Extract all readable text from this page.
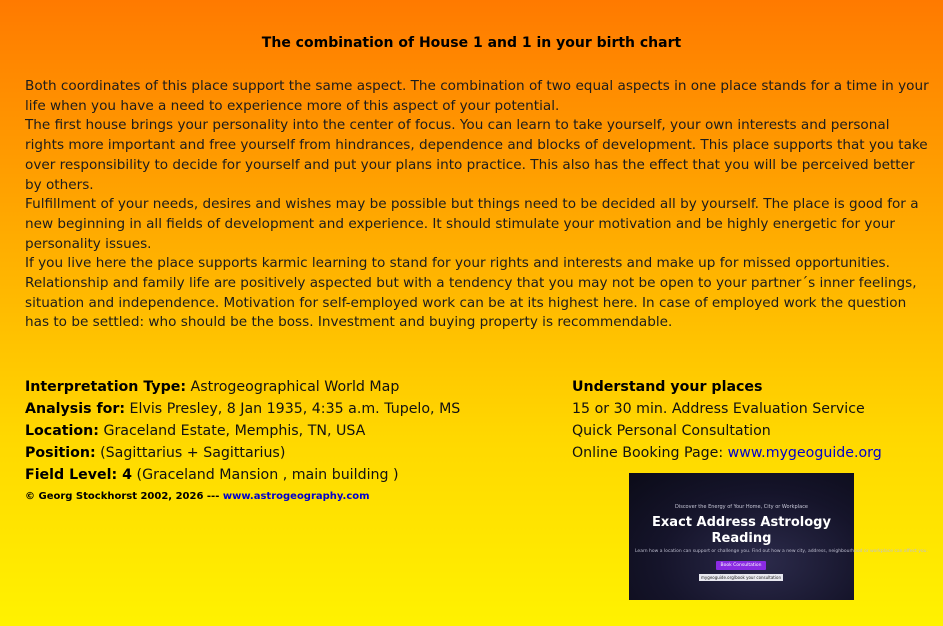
The combination of House 1 and 1 in your birth chart

Both coordinates of this place support the same aspect. The combination of two equal aspects in one place stands for a time in your life when you have a need to experience more of this aspect of your potential.

The first house brings your personality into the center of focus. You can learn to take yourself, your own interests and personal rights more important and free yourself from hindrances, dependence and blocks of development. This place supports that you take over responsibility to decide for yourself and put your plans into practice. This also has the effect that you will be perceived better by others.

Fulfillment of your needs, desires and wishes may be possible but things need to be decided all by yourself. The place is good for a new beginning in all fields of development and experience. It should stimulate your motivation and be highly energetic for your personality issues.

If you live here the place supports karmic learning to stand for your rights and interests and make up for missed opportunities. Relationship and family life are positively aspected but with a tendency that you may not be open to your partner´s inner feelings, situation and independence. Motivation for self-employed work can be at its highest here. In case of employed work the question has to be settled: who should be the boss. Investment and buying property is recommendable.

Interpretation Type: Astrogeographical World Map
Analysis for: Elvis Presley, 8 Jan 1935, 4:35 a.m. Tupelo, MS
Location: Graceland Estate, Memphis, TN, USA
Position: (Sagittarius + Sagittarius)
Field Level: 4 (Graceland Mansion , main building )
© Georg Stockhorst 2002, 2026 --- www.astrogeography.com
Understand your places
15 or 30 min. Address Evaluation Service
Quick Personal Consultation
Online Booking Page: www.mygeoguide.org
Discover the Energy of Your Home, City or Workplace
Exact Address Astrology Reading
Learn how a location can support or challenge you. Find out how a new city, address, neighbourhood or workplace can affect you.
Book Consultation
mygeoguide.org/book your consultation
